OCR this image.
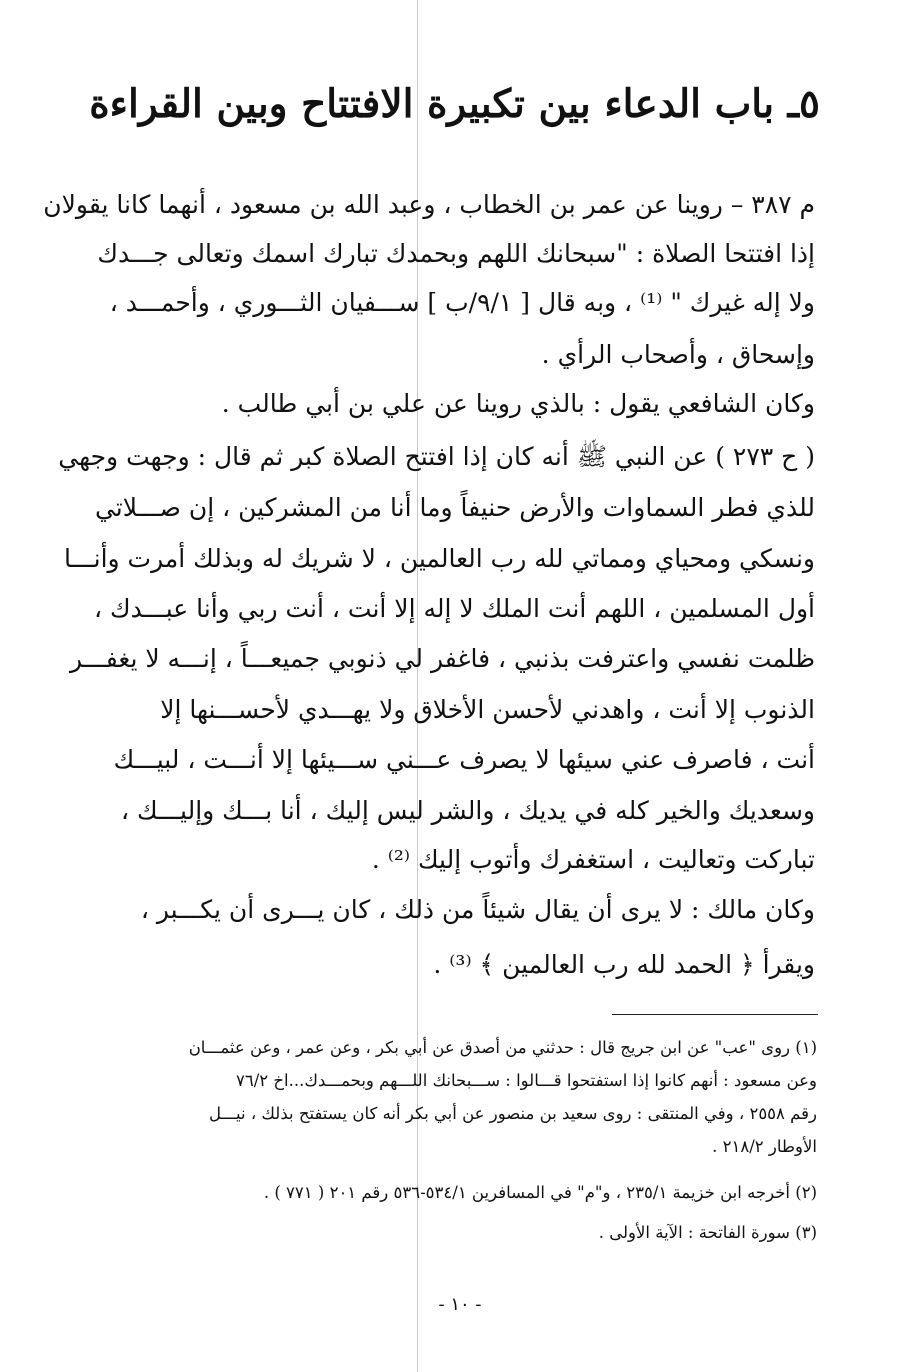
٥ـ باب الدعاء بين تكبيرة الافتتاح وبين القراءة
م ٣٨٧ – روينا عن عمر بن الخطاب ، وعبد الله بن مسعود ، أنهما كانا يقولان
إذا افتتحا الصلاة : "سبحانك اللهم وبحمدك تبارك اسمك وتعالى جـــدك
ولا إله غيرك " ⁽¹⁾ ، وبه قال [ ٩/١/ب ] ســـفيان الثـــوري ، وأحمـــد ،
وإسحاق ، وأصحاب الرأي .
وكان الشافعي يقول : بالذي روينا عن علي بن أبي طالب .
( ح ٢٧٣ ) عن النبي ﷺ أنه كان إذا افتتح الصلاة كبر ثم قال : وجهت وجهي
للذي فطر السماوات والأرض حنيفاً وما أنا من المشركين ، إن صـــلاتي
ونسكي ومحياي ومماتي لله رب العالمين ، لا شريك له وبذلك أمرت وأنـــا
أول المسلمين ، اللهم أنت الملك لا إله إلا أنت ، أنت ربي وأنا عبـــدك ،
ظلمت نفسي واعترفت بذنبي ، فاغفر لي ذنوبي جميعـــاً ، إنـــه لا يغفـــر
الذنوب إلا أنت ، واهدني لأحسن الأخلاق ولا يهـــدي لأحســـنها إلا
أنت ، فاصرف عني سيئها لا يصرف عـــني ســـيئها إلا أنـــت ، لبيـــك
وسعديك والخير كله في يديك ، والشر ليس إليك ، أنا بـــك وإليـــك ،
تباركت وتعاليت ، استغفرك وأتوب إليك ⁽²⁾ .
وكان مالك : لا يرى أن يقال شيئاً من ذلك ، كان يـــرى أن يكـــبر ،
ويقرأ ﴿ الحمد لله رب العالمين ﴾ ⁽³⁾ .
(١) روى "عب" عن ابن جريج قال : حدثني من أصدق عن أبي بكر ، وعن عمر ، وعن عثمـــان
وعن مسعود : أنهم كانوا إذا استفتحوا قـــالوا : ســـبحانك اللـــهم وبحمـــدك...اخ ٧٦/٢
رقم ٢٥٥٨ ، وفي المنتقى : روى سعيد بن منصور عن أبي بكر أنه كان يستفتح بذلك ، نيـــل
الأوطار ٢١٨/٢ .
(٢) أخرجه ابن خزيمة ٢٣٥/١ ، و"م" في المسافرين ٥٣٤/١-٥٣٦ رقم ٢٠١ ( ٧٧١ ) .
(٣) سورة الفاتحة : الآية الأولى .
- ١٠ -
